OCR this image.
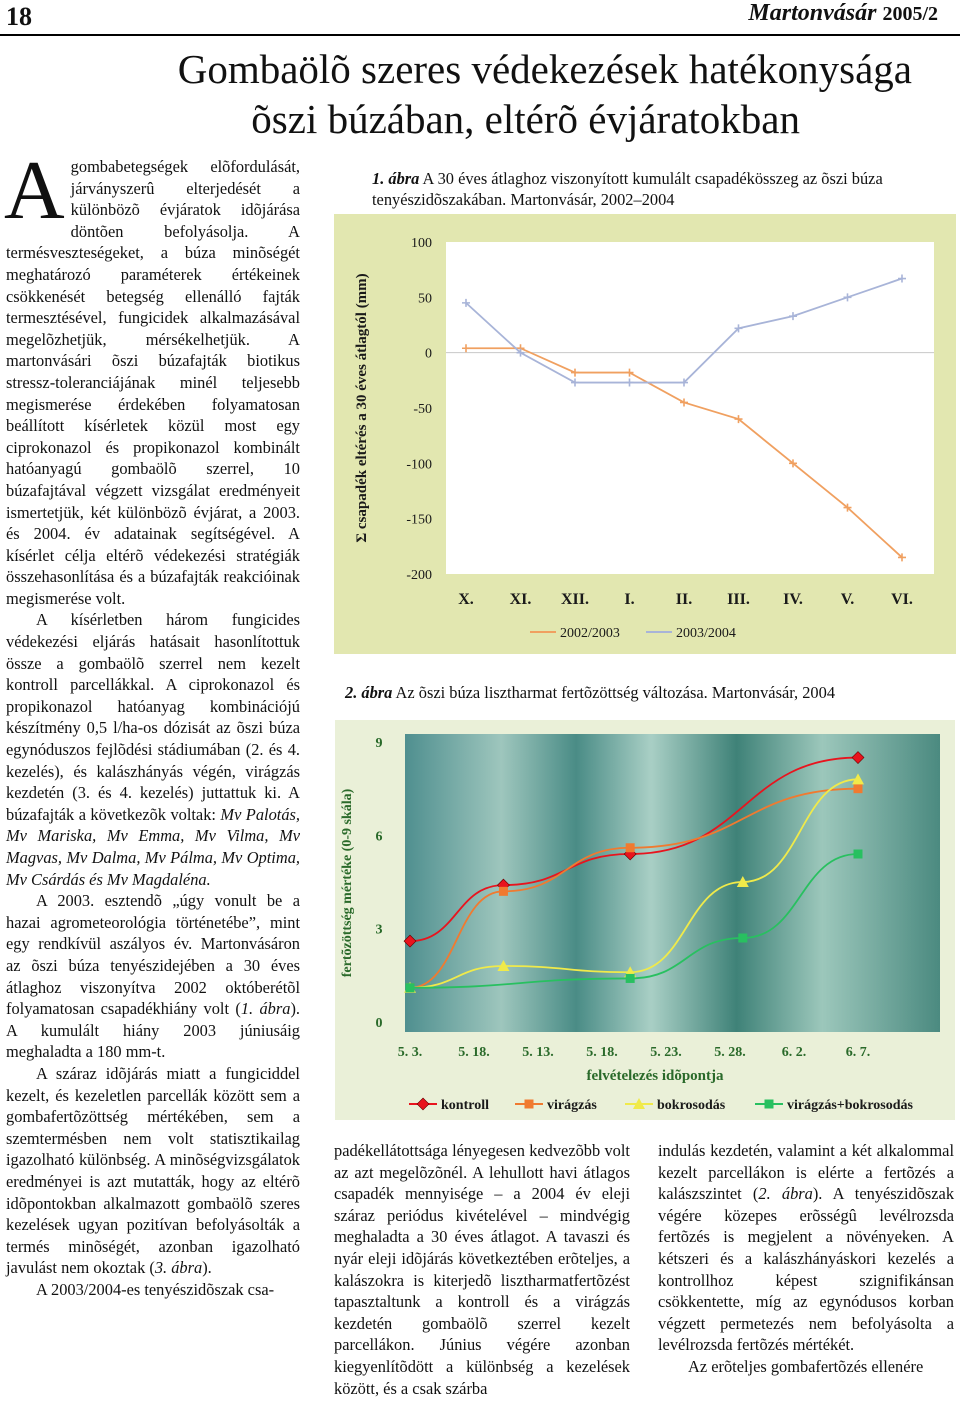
18	Martonvásár 2005/2
Gombaölõ szeres védekezések hatékonysága
õszi búzában, eltérõ évjáratokban

Agombabetegségek elõfordulását, járványszerû elterjedését a különbözõ évjáratok idõjárása döntõen befolyásolja. A termésveszteségeket, a búza minõségét meghatározó paraméterek értékeinek csökkenését betegség ellenálló fajták termesztésével, fungicidek alkalmazásával megelõzhetjük, mérsékelhetjük. A martonvásári õszi búzafajták biotikus stressz-toleranciájának minél teljesebb megismerése érdekében folyamatosan beállított kísérletek közül most egy ciprokonazol és propikonazol kombinált hatóanyagú gombaölõ szerrel, 10 búzafajtával végzett vizsgálat eredményeit ismertetjük, két különbözõ évjárat, a 2003. és 2004. év adatainak segítségével. A kísérlet célja eltérõ védekezési stratégiák összehasonlítása és a búzafajták reakcióinak megismerése volt.

A kísérletben három fungicides védekezési eljárás hatásait hasonlítottuk össze a gombaölõ szerrel nem kezelt kontroll parcellákkal. A ciprokonazol és propikonazol hatóanyag kombinációjú készítmény 0,5 l/ha-os dózisát az õszi búza egynóduszos fejlõdési stádiumában (2. és 4. kezelés), és kalászhányás végén, virágzás kezdetén (3. és 4. kezelés) juttattuk ki. A búzafajták a következõk voltak: Mv Palotás, Mv Mariska, Mv Emma, Mv Vilma, Mv Magvas, Mv Dalma, Mv Pálma, Mv Optima, Mv Csárdás és Mv Magdaléna.

A 2003. esztendõ „úgy vonult be a hazai agrometeorológia történetébe”, mint egy rendkívül aszályos év. Martonvásáron az õszi búza tenyészidejében a 30 éves átlaghoz viszonyítva 2002 októberétõl folyamatosan csapadékhiány volt (1. ábra). A kumulált hiány 2003 júniusáig meghaladta a 180 mm-t.

A száraz idõjárás miatt a fungiciddel kezelt, és kezeletlen parcellák között sem a gombafertõzöttség mértékében, sem a szemtermésben nem volt statisztikailag igazolható különbség. A minõségvizsgálatok eredményei is azt mutatták, hogy az eltérõ idõpontokban alkalmazott gombaölõ szeres kezelések ugyan pozitívan befolyásolták a termés minõségét, azonban igazolható javulást nem okoztak (3. ábra).

A 2003/2004-es tenyészidõszak csa-

1. ábra A 30 éves átlaghoz viszonyított kumulált csapadékösszeg az õszi búza tenyészidõszakában. Martonvásár, 2002–2004
100
50
0
-50
-100
-150
-200
X. XI. XII. I.	II. III. IV. V. VI.
Σ csapadék eltérés a 30 éves átlagtól (mm)
2002/2003	2003/2004
2. ábra Az õszi búza lisztharmat fertõzöttség változása. Martonvásár, 2004
9
6
3
0
5. 3.	5. 18. 5. 13. 5. 18. 5. 23. 5. 28.	6. 2.	6. 7.
felvételezés idõpontja
fertõzöttség mértéke (0-9 skála)
kontroll	virágzás	bokrosodás	virágzás+bokrosodás

padékellátottsága lényegesen kedvezõbb volt az azt megelõzõnél. A lehullott havi átlagos csapadék mennyisége – a 2004 év eleji száraz periódus kivételével – mindvégig meghaladta a 30 éves átlagot. A tavaszi és nyár eleji idõjárás következtében erõteljes, a kalászokra is kiterjedõ lisztharmatfertõzést tapasztaltunk a kontroll és a virágzás kezdetén gombaölõ szerrel kezelt parcellákon. Június végére azonban kiegyenlítõdött a különbség a kezelések között, és a csak szárba

indulás kezdetén, valamint a két alkalommal kezelt parcellákon is elérte a fertõzés a kalászszintet (2. ábra). A tenyészidõszak végére közepes erõsségû levélrozsda fertõzés is megjelent a növényeken. A kétszeri és a kalászhányáskori kezelés a kontrollhoz képest szignifikánsan csökkentette, míg az egynódusos korban végzett permetezés nem befolyásolta a levélrozsda fertõzés mértékét.

Az erõteljes gombafertõzés ellenére
